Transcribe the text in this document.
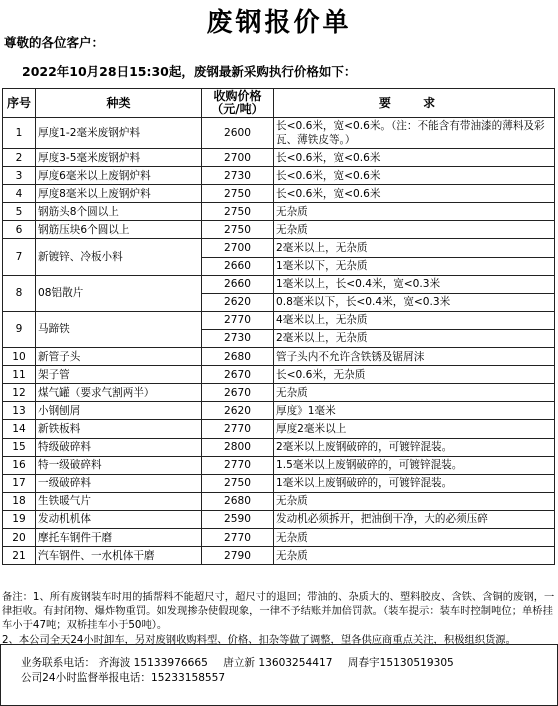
废钢报价单
尊敬的各位客户：
2022年10月28日15:30起，废钢最新采购执行价格如下：
序号	种类	收购价格（元/吨）	要 求
1	厚度1-2毫米废钢炉料	2600	长<0.6米，宽<0.6米。（注：不能含有带油漆的薄料及彩瓦、薄铁皮等。）
2	厚度3-5毫米废钢炉料	2700	长<0.6米，宽<0.6米
3	厚度6毫米以上废钢炉料	2730	长<0.6米，宽<0.6米
4	厚度8毫米以上废钢炉料	2750	长<0.6米，宽<0.6米
5	钢筋头8个圆以上	2750	无杂质
6	钢筋压块6个圆以上	2750	无杂质
7	新镀锌、冷板小料	2700	2毫米以上，无杂质
		2660	1毫米以下，无杂质
8	08铝散片	2660	1毫米以上，长<0.4米，宽<0.3米
		2620	0.8毫米以下，长<0.4米，宽<0.3米
9	马蹄铁	2770	4毫米以上，无杂质
		2730	2毫米以上，无杂质
10	新管子头	2680	管子头内不允许含铁锈及锯屑沫
11	架子管	2670	长<0.6米，无杂质
12	煤气罐（要求气割两半）	2670	无杂质
13	小钢刨屑	2620	厚度》1毫米
14	新铁板料	2770	厚度2毫米以上
15	特级破碎料	2800	2毫米以上废钢破碎的，可镀锌混装。
16	特一级破碎料	2770	1.5毫米以上废钢破碎的，可镀锌混装。
17	一级破碎料	2750	1毫米以上废钢破碎的，可镀锌混装。
18	生铁暖气片	2680	无杂质
19	发动机机体	2590	发动机必须拆开，把油倒干净，大的必须压碎
20	摩托车钢件干磨	2770	无杂质
21	汽车钢件、一水机体干磨	2790	无杂质
备注：1、所有废钢装车时用的插帮料不能超尺寸，超尺寸的退回；带油的、杂质大的、塑料胶皮、含铁、含铜的废钢，一律拒收。有封闭物、爆炸物重罚。如发现掺杂使假现象，一律不予结账并加倍罚款。（装车提示：装车时控制吨位；单桥挂车小于47吨；双桥挂车小于50吨）。
2、本公司全天24小时卸车，另对废钢收购料型、价格、扣杂等做了调整，望各供应商重点关注，积极组织货源。
业务联系电话： 齐海波 15133976665 唐立新 13603254417 周春宇15130519305
公司24小时监督举报电话：15233158557
